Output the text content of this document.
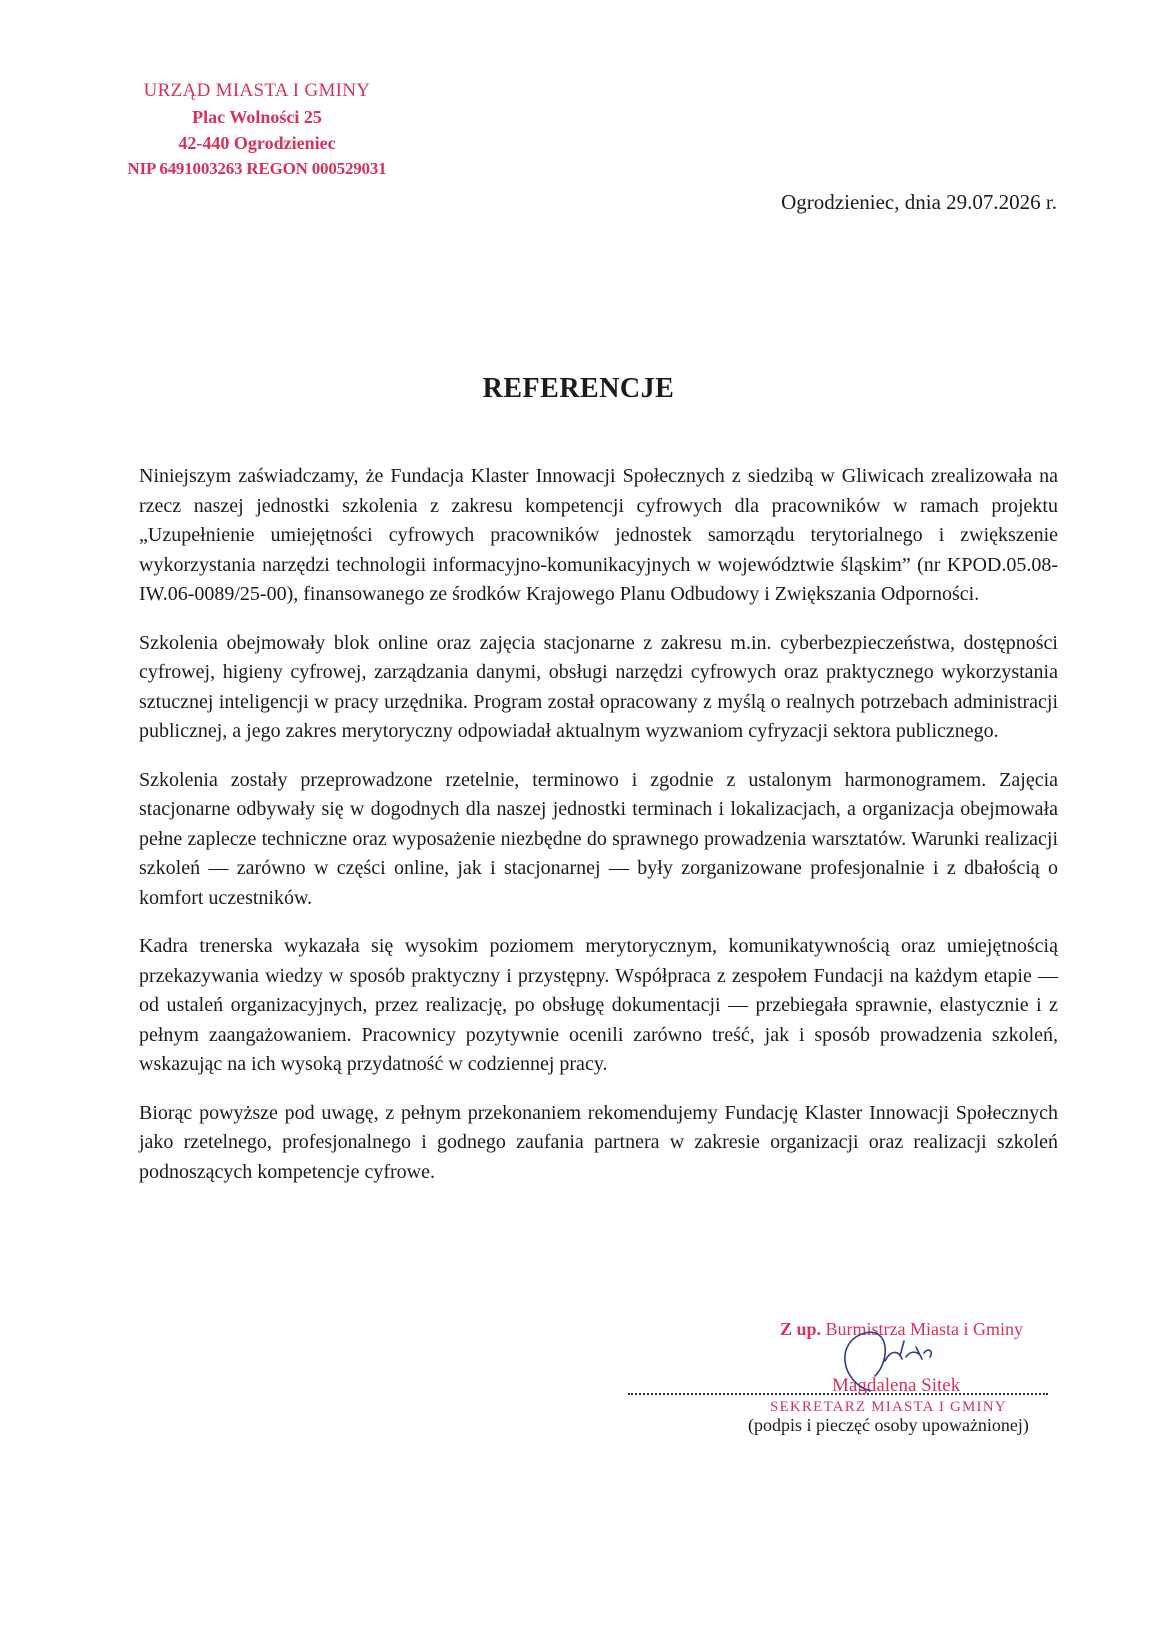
URZĄD MIASTA I GMINY
Plac Wolności 25
42-440 Ogrodzieniec
NIP 6491003263 REGON 000529031
Ogrodzieniec, dnia 29.07.2026 r.
REFERENCJE

Niniejszym zaświadczamy, że Fundacja Klaster Innowacji Społecznych z siedzibą w Gliwicach zrealizowała na rzecz naszej jednostki szkolenia z zakresu kompetencji cyfrowych dla pracowników w ramach projektu „Uzupełnienie umiejętności cyfrowych pracowników jednostek samorządu terytorialnego i zwiększenie wykorzystania narzędzi technologii informacyjno-komunikacyjnych w województwie śląskim” (nr KPOD.05.08-IW.06-0089/25-00), finansowanego ze środków Krajowego Planu Odbudowy i Zwiększania Odporności.

Szkolenia obejmowały blok online oraz zajęcia stacjonarne z zakresu m.in. cyberbezpieczeństwa, dostępności cyfrowej, higieny cyfrowej, zarządzania danymi, obsługi narzędzi cyfrowych oraz praktycznego wykorzystania sztucznej inteligencji w pracy urzędnika. Program został opracowany z myślą o realnych potrzebach administracji publicznej, a jego zakres merytoryczny odpowiadał aktualnym wyzwaniom cyfryzacji sektora publicznego.

Szkolenia zostały przeprowadzone rzetelnie, terminowo i zgodnie z ustalonym harmonogramem. Zajęcia stacjonarne odbywały się w dogodnych dla naszej jednostki terminach i lokalizacjach, a organizacja obejmowała pełne zaplecze techniczne oraz wyposażenie niezbędne do sprawnego prowadzenia warsztatów. Warunki realizacji szkoleń — zarówno w części online, jak i stacjonarnej — były zorganizowane profesjonalnie i z dbałością o komfort uczestników.

Kadra trenerska wykazała się wysokim poziomem merytorycznym, komunikatywnością oraz umiejętnością przekazywania wiedzy w sposób praktyczny i przystępny. Współpraca z zespołem Fundacji na każdym etapie — od ustaleń organizacyjnych, przez realizację, po obsługę dokumentacji — przebiegała sprawnie, elastycznie i z pełnym zaangażowaniem. Pracownicy pozytywnie ocenili zarówno treść, jak i sposób prowadzenia szkoleń, wskazując na ich wysoką przydatność w codziennej pracy.

Biorąc powyższe pod uwagę, z pełnym przekonaniem rekomendujemy Fundację Klaster Innowacji Społecznych jako rzetelnego, profesjonalnego i godnego zaufania partnera w zakresie organizacji oraz realizacji szkoleń podnoszących kompetencje cyfrowe.

Z up. Burmistrza Miasta i Gminy
Magdalena Sitek
SEKRETARZ MIASTA I GMINY
(podpis i pieczęć osoby upoważnionej)
